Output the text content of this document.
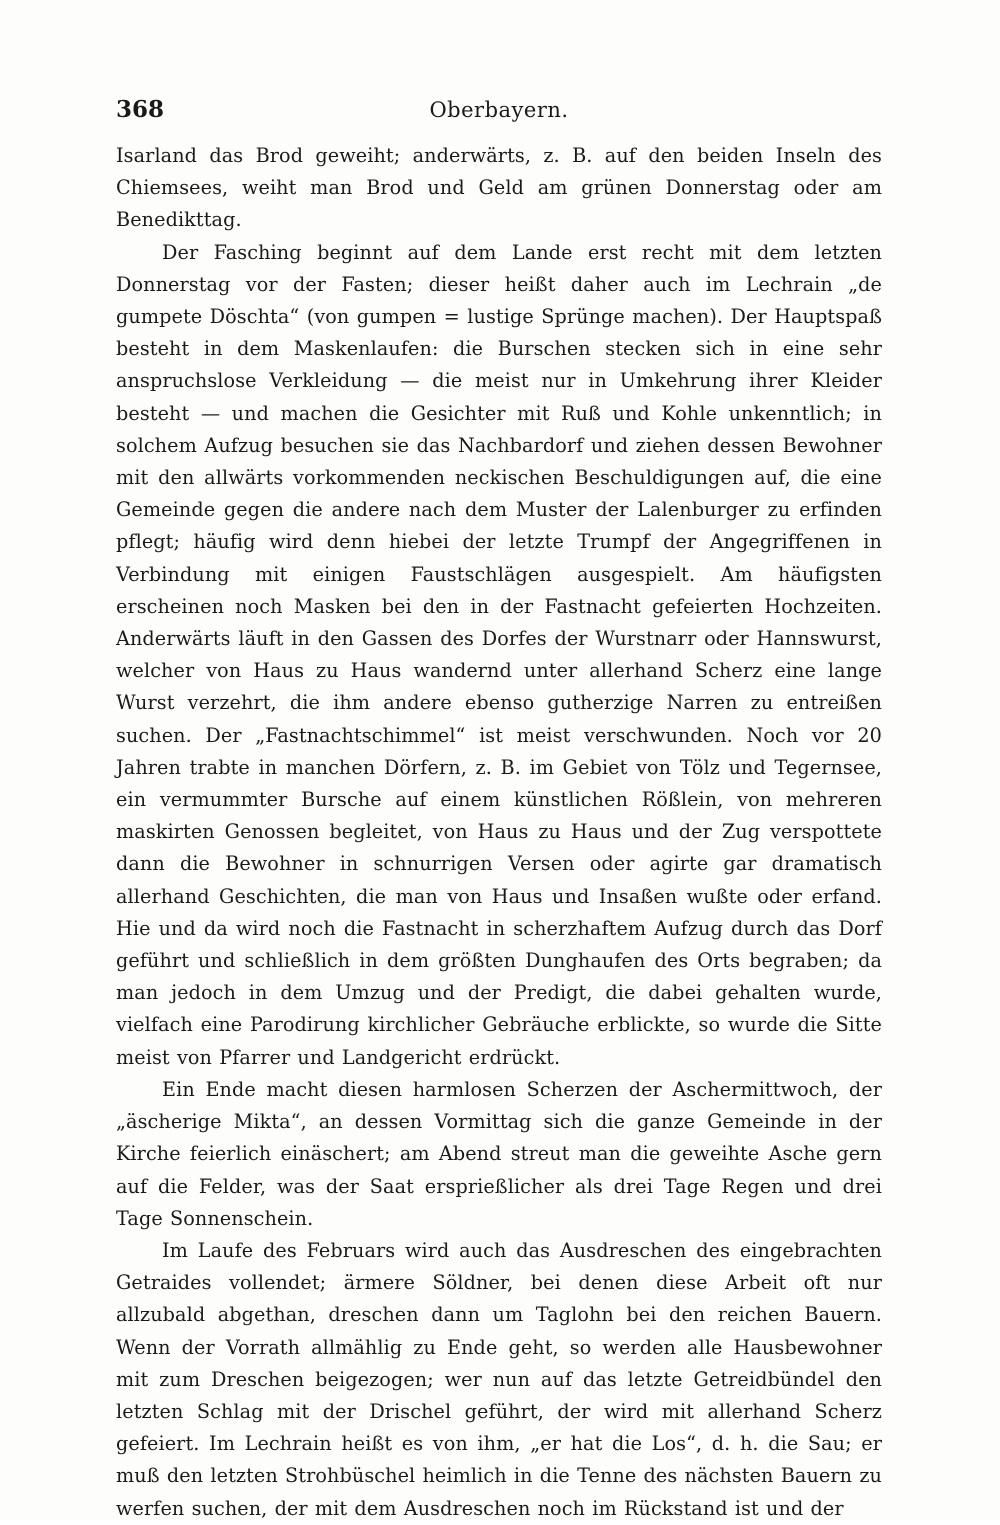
368	Oberbayern.

Isarland das Brod geweiht; anderwärts, z. B. auf den beiden Inseln des Chiemsees, weiht man Brod und Geld am grünen Donnerstag oder am Benedikttag.

Der Fasching beginnt auf dem Lande erst recht mit dem letzten Donnerstag vor der Fasten; dieser heißt daher auch im Lechrain „de gumpete Döschta“ (von gumpen = lustige Sprünge machen). Der Hauptspaß besteht in dem Maskenlaufen: die Burschen stecken sich in eine sehr anspruchslose Verkleidung — die meist nur in Umkehrung ihrer Kleider besteht — und machen die Gesichter mit Ruß und Kohle unkenntlich; in solchem Aufzug besuchen sie das Nachbardorf und ziehen dessen Bewohner mit den allwärts vorkommenden neckischen Beschuldigungen auf, die eine Gemeinde gegen die andere nach dem Muster der Lalenburger zu erfinden pflegt; häufig wird denn hiebei der letzte Trumpf der Angegriffenen in Verbindung mit einigen Faustschlägen ausgespielt. Am häufigsten erscheinen noch Masken bei den in der Fastnacht gefeierten Hochzeiten. Anderwärts läuft in den Gassen des Dorfes der Wurstnarr oder Hannswurst, welcher von Haus zu Haus wandernd unter allerhand Scherz eine lange Wurst verzehrt, die ihm andere ebenso gutherzige Narren zu entreißen suchen. Der „Fastnachtschimmel“ ist meist verschwunden. Noch vor 20 Jahren trabte in manchen Dörfern, z. B. im Gebiet von Tölz und Tegernsee, ein vermummter Bursche auf einem künstlichen Rößlein, von mehreren maskirten Genossen begleitet, von Haus zu Haus und der Zug verspottete dann die Bewohner in schnurrigen Versen oder agirte gar dramatisch allerhand Geschichten, die man von Haus und Insaßen wußte oder erfand. Hie und da wird noch die Fastnacht in scherzhaftem Aufzug durch das Dorf geführt und schließlich in dem größten Dunghaufen des Orts begraben; da man jedoch in dem Umzug und der Predigt, die dabei gehalten wurde, vielfach eine Parodirung kirchlicher Gebräuche erblickte, so wurde die Sitte meist von Pfarrer und Landgericht erdrückt.

Ein Ende macht diesen harmlosen Scherzen der Aschermittwoch, der „äscherige Mikta“, an dessen Vormittag sich die ganze Gemeinde in der Kirche feierlich einäschert; am Abend streut man die geweihte Asche gern auf die Felder, was der Saat ersprießlicher als drei Tage Regen und drei Tage Sonnenschein.

Im Laufe des Februars wird auch das Ausdreschen des eingebrachten Getraides vollendet; ärmere Söldner, bei denen diese Arbeit oft nur allzubald abgethan, dreschen dann um Taglohn bei den reichen Bauern. Wenn der Vorrath allmählig zu Ende geht, so werden alle Hausbewohner mit zum Dreschen beigezogen; wer nun auf das letzte Getreidbündel den letzten Schlag mit der Drischel geführt, der wird mit allerhand Scherz gefeiert. Im Lechrain heißt es von ihm, „er hat die Los“, d. h. die Sau; er muß den letzten Strohbüschel heimlich in die Tenne des nächsten Bauern zu werfen suchen, der mit dem Ausdreschen noch im Rückstand ist und der
